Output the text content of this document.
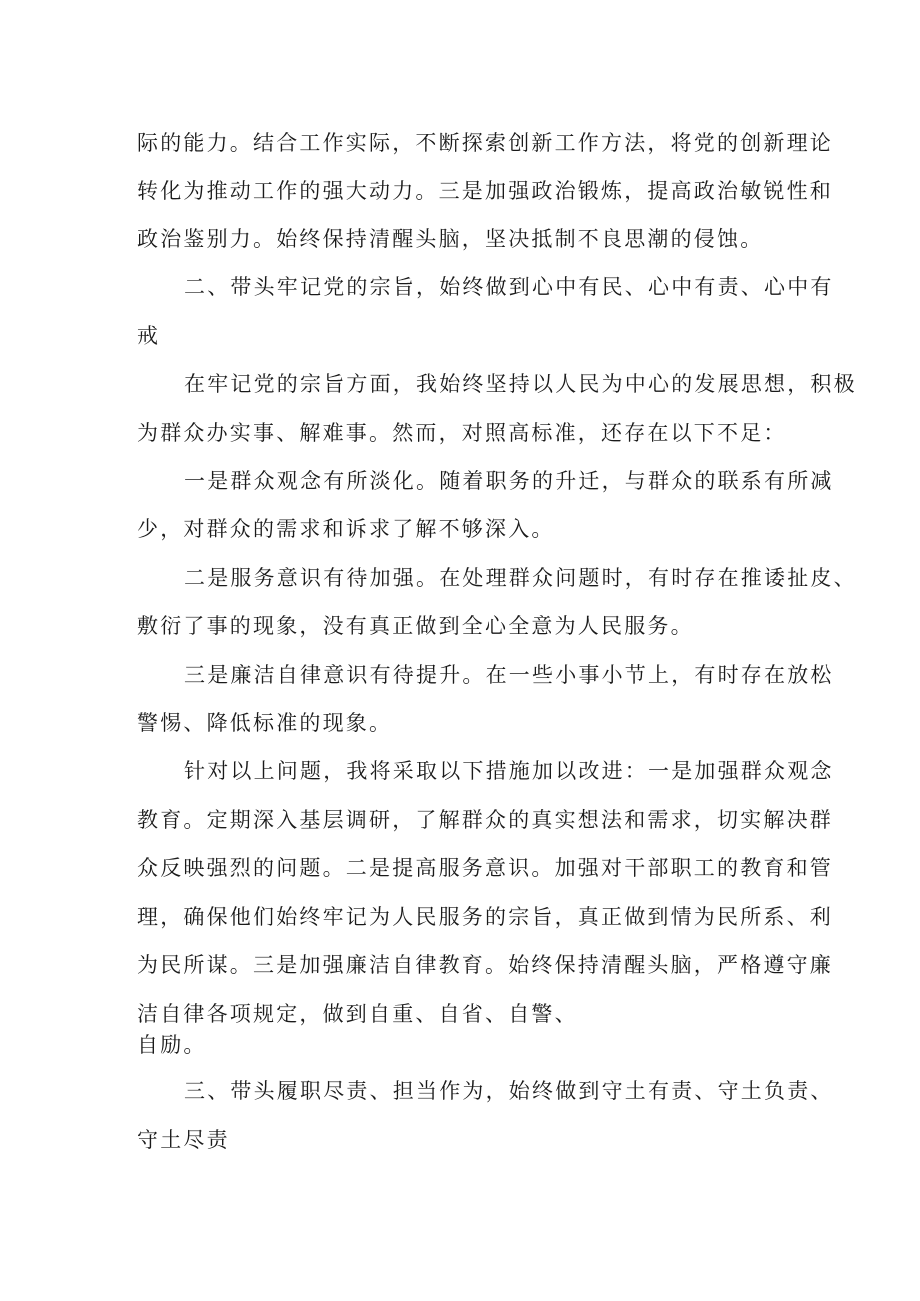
际的能力。结合工作实际，不断探索创新工作方法，将党的创新理论
转化为推动工作的强大动力。三是加强政治锻炼，提高政治敏锐性和
政治鉴别力。始终保持清醒头脑，坚决抵制不良思潮的侵蚀。
二、带头牢记党的宗旨，始终做到心中有民、心中有责、心中有
戒
在牢记党的宗旨方面，我始终坚持以人民为中心的发展思想，积极
为群众办实事、解难事。然而，对照高标准，还存在以下不足：
一是群众观念有所淡化。随着职务的升迁，与群众的联系有所减
少，对群众的需求和诉求了解不够深入。
二是服务意识有待加强。在处理群众问题时，有时存在推诿扯皮、
敷衍了事的现象，没有真正做到全心全意为人民服务。
三是廉洁自律意识有待提升。在一些小事小节上，有时存在放松
警惕、降低标准的现象。
针对以上问题，我将采取以下措施加以改进：一是加强群众观念
教育。定期深入基层调研，了解群众的真实想法和需求，切实解决群
众反映强烈的问题。二是提高服务意识。加强对干部职工的教育和管
理，确保他们始终牢记为人民服务的宗旨，真正做到情为民所系、利
为民所谋。三是加强廉洁自律教育。始终保持清醒头脑，严格遵守廉
洁自律各项规定，做到自重、自省、自警、
自励。
三、带头履职尽责、担当作为，始终做到守土有责、守土负责、
守土尽责
